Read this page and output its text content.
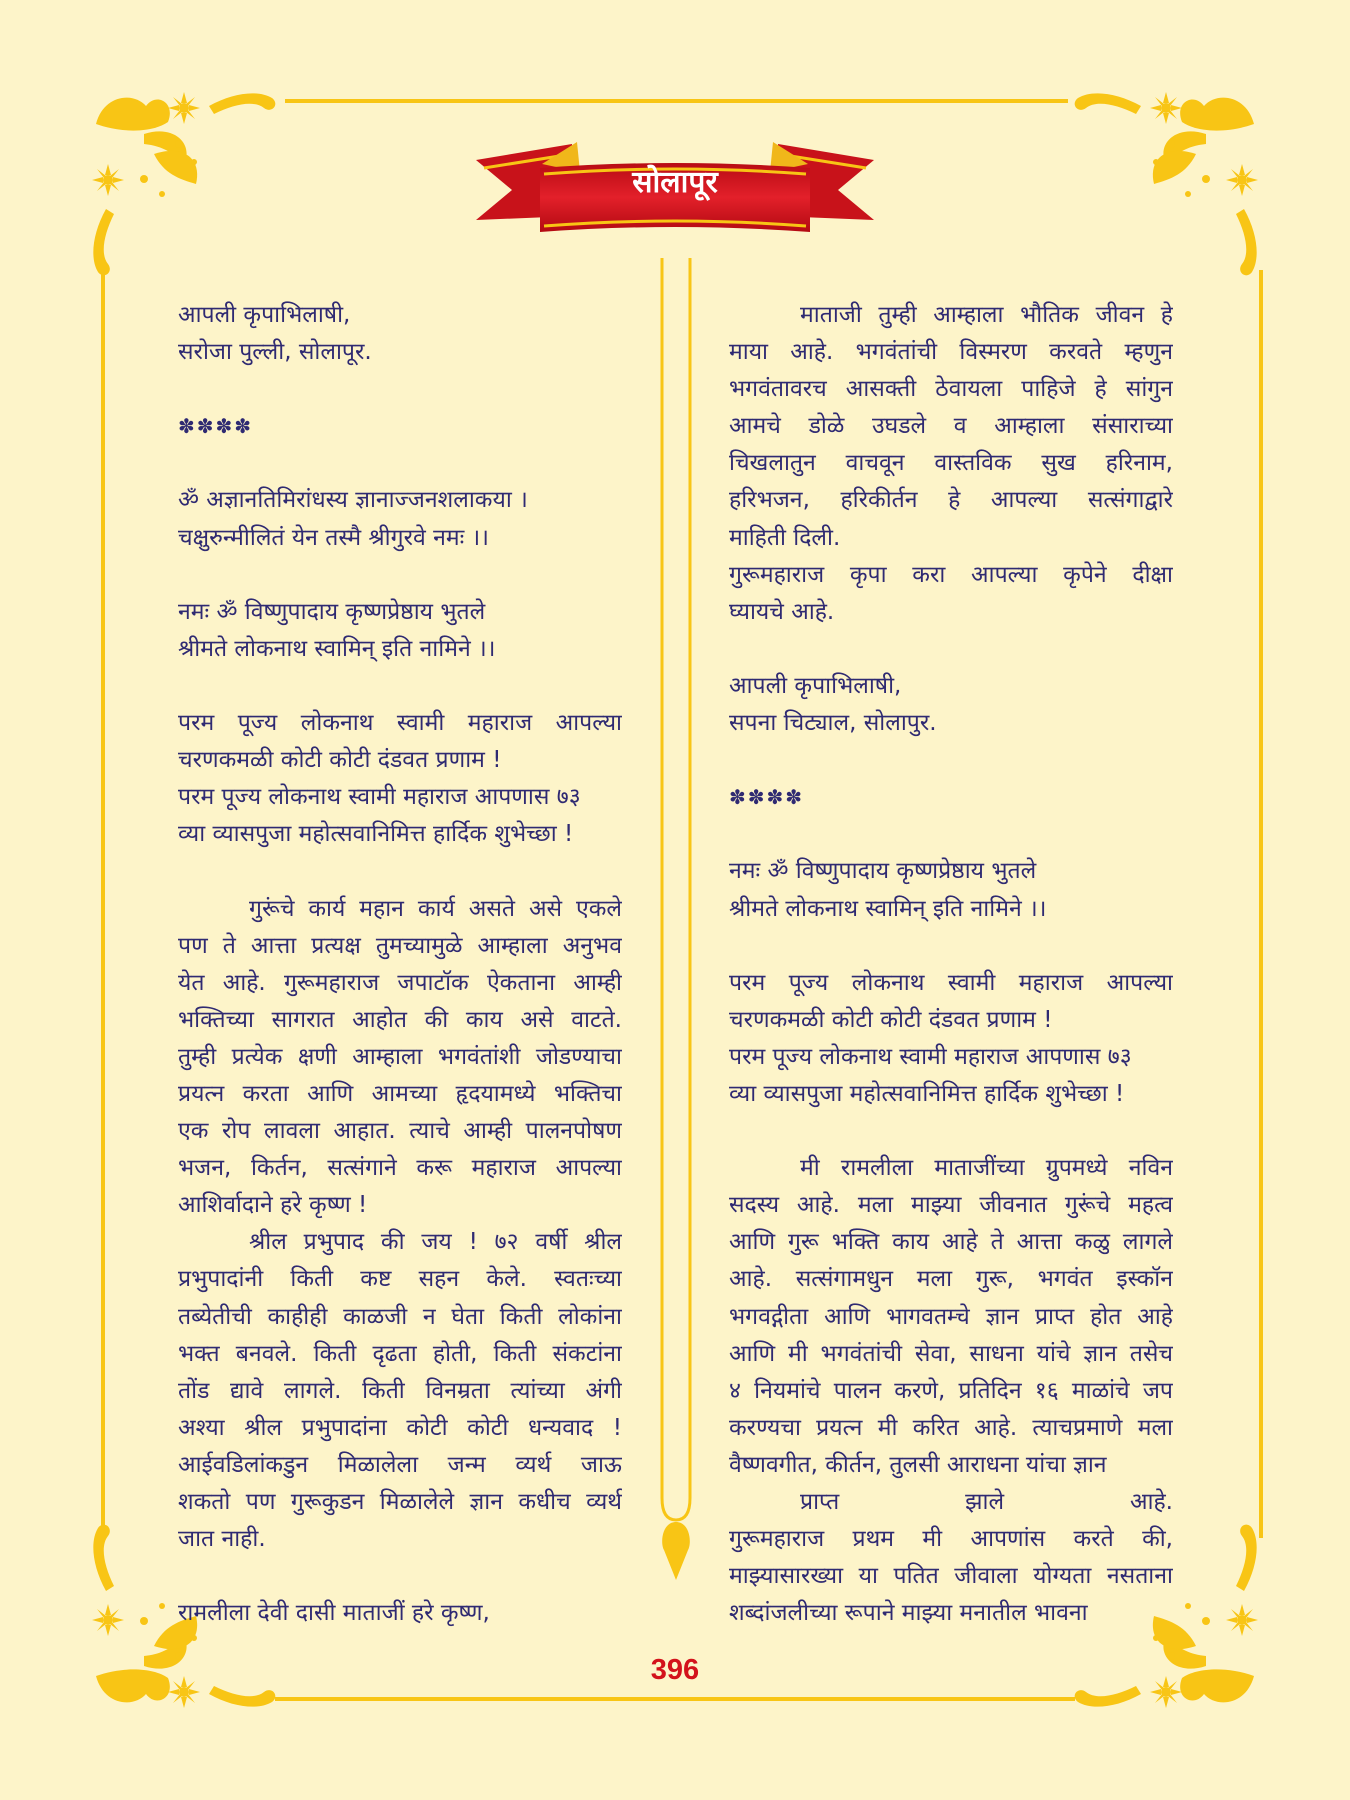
सोलापूर
आपली कृपाभिलाषी,
सरोजा पुल्ली, सोलापूर.
✽✽✽✽
ॐ अज्ञानतिमिरांधस्य ज्ञानाज्जनशलाकया ।
चक्षुरुन्मीलितं येन तस्मै श्रीगुरवे नमः ।।
नमः ॐ विष्णुपादाय कृष्णप्रेष्ठाय भुतले
श्रीमते लोकनाथ स्वामिन् इति नामिने ।।
परम पूज्य लोकनाथ स्वामी महाराज आपल्या
चरणकमळी कोटी कोटी दंडवत प्रणाम !
परम पूज्य लोकनाथ स्वामी महाराज आपणास ७३
व्या व्यासपुजा महोत्सवानिमित्त हार्दिक शुभेच्छा !
गुरूंचे कार्य महान कार्य असते असे एकले
पण ते आत्ता प्रत्यक्ष तुमच्यामुळे आम्हाला अनुभव
येत आहे. गुरूमहाराज जपाटॉक ऐकताना आम्ही
भक्तिच्या सागरात आहोत की काय असे वाटते.
तुम्ही प्रत्येक क्षणी आम्हाला भगवंतांशी जोडण्याचा
प्रयत्न करता आणि आमच्या हृदयामध्ये भक्तिचा
एक रोप लावला आहात. त्याचे आम्ही पालनपोषण
भजन, किर्तन, सत्संगाने करू महाराज आपल्या
आशिर्वादाने हरे कृष्ण !
श्रील प्रभुपाद की जय ! ७२ वर्षी श्रील
प्रभुपादांनी किती कष्ट सहन केले. स्वतःच्या
तब्येतीची काहीही काळजी न घेता किती लोकांना
भक्त बनवले. किती दृढता होती, किती संकटांना
तोंड द्यावे लागले. किती विनम्रता त्यांच्या अंगी
अश्या श्रील प्रभुपादांना कोटी कोटी धन्यवाद !
आईवडिलांकडुन मिळालेला जन्म व्यर्थ जाऊ
शकतो पण गुरूकुडन मिळालेले ज्ञान कधीच व्यर्थ
जात नाही.
रामलीला देवी दासी माताजीं हरे कृष्ण,
माताजी तुम्ही आम्हाला भौतिक जीवन हे
माया आहे. भगवंतांची विस्मरण करवते म्हणुन
भगवंतावरच आसक्ती ठेवायला पाहिजे हे सांगुन
आमचे डोळे उघडले व आम्हाला संसाराच्या
चिखलातुन वाचवून वास्तविक सुख हरिनाम,
हरिभजन, हरिकीर्तन हे आपल्या सत्संगाद्वारे
माहिती दिली.
गुरूमहाराज कृपा करा आपल्या कृपेने दीक्षा
घ्यायचे आहे.
आपली कृपाभिलाषी,
सपना चिट्याल, सोलापुर.
✽✽✽✽
नमः ॐ विष्णुपादाय कृष्णप्रेष्ठाय भुतले
श्रीमते लोकनाथ स्वामिन् इति नामिने ।।
परम पूज्य लोकनाथ स्वामी महाराज आपल्या
चरणकमळी कोटी कोटी दंडवत प्रणाम !
परम पूज्य लोकनाथ स्वामी महाराज आपणास ७३
व्या व्यासपुजा महोत्सवानिमित्त हार्दिक शुभेच्छा !
मी रामलीला माताजींच्या ग्रुपमध्ये नविन
सदस्य आहे. मला माझ्या जीवनात गुरूंचे महत्व
आणि गुरू भक्ति काय आहे ते आत्ता कळु लागले
आहे. सत्संगामधुन मला गुरू, भगवंत इस्कॉन
भगवद्गीता आणि भागवतम्चे ज्ञान प्राप्त होत आहे
आणि मी भगवंतांची सेवा, साधना यांचे ज्ञान तसेच
४ नियमांचे पालन करणे, प्रतिदिन १६ माळांचे जप
करण्यचा प्रयत्न मी करित आहे. त्याचप्रमाणे मला
वैष्णवगीत, कीर्तन, तुलसी आराधना यांचा ज्ञान
प्राप्त झाले आहे.
गुरूमहाराज प्रथम मी आपणांस करते की,
माझ्यासारख्या या पतित जीवाला योग्यता नसताना
शब्दांजलीच्या रूपाने माझ्या मनातील भावना
396
